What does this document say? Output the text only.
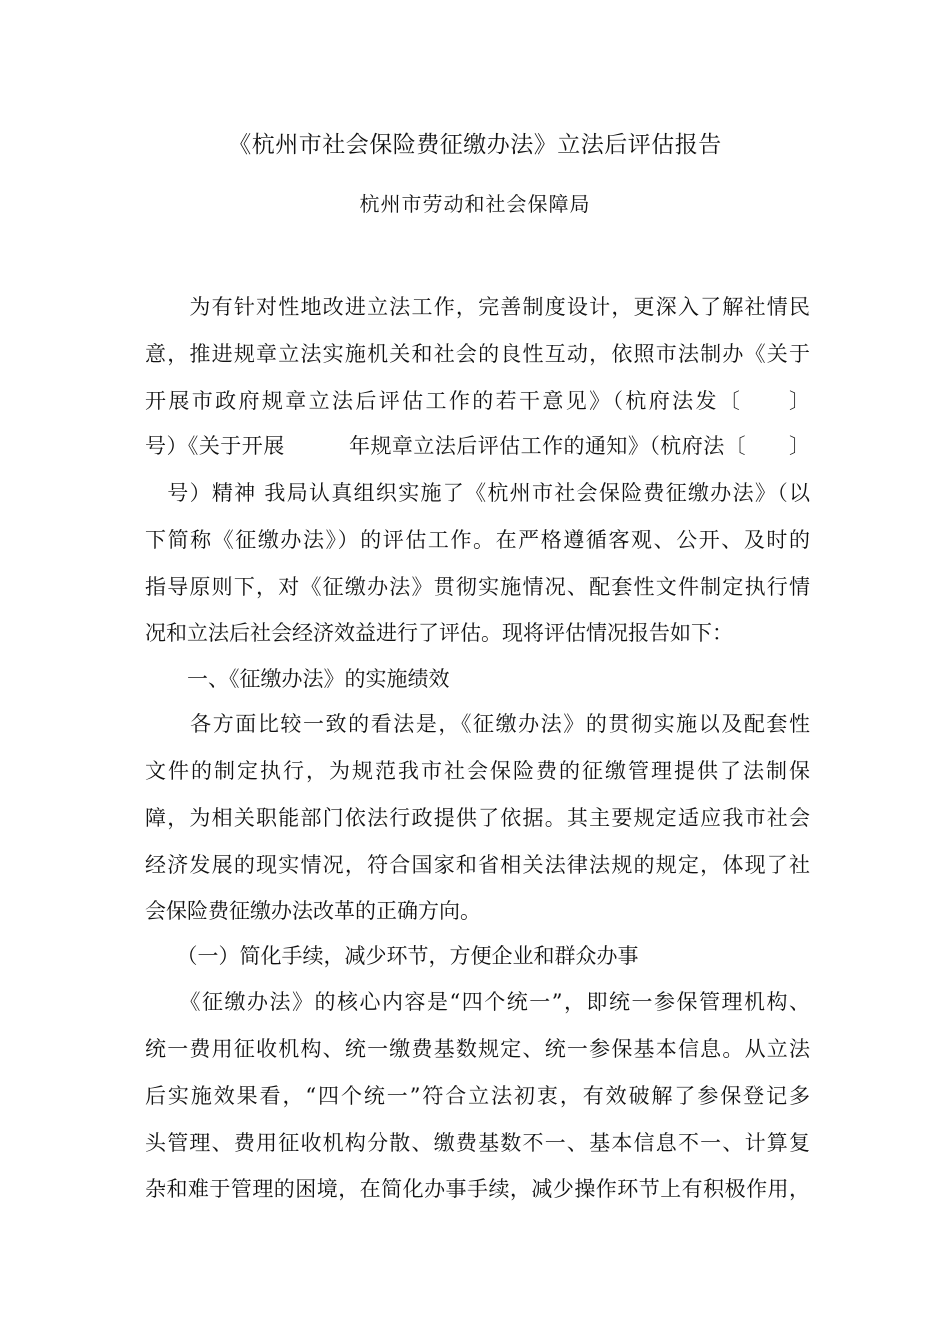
《杭州市社会保险费征缴办法》立法后评估报告
杭州市劳动和社会保障局
　　为有针对性地改进立法工作，完善制度设计，更深入了解社情民
意，推进规章立法实施机关和社会的良性互动，依照市法制办《关于
开展市政府规章立法后评估工作的若干意见》（杭府法发〔　　〕
号）《关于开展　　　年规章立法后评估工作的通知》（杭府法〔　　〕
　号）精神 我局认真组织实施了《杭州市社会保险费征缴办法》（以
下简称《征缴办法》）的评估工作。在严格遵循客观、公开、及时的
指导原则下，对《征缴办法》贯彻实施情况、配套性文件制定执行情
况和立法后社会经济效益进行了评估。现将评估情况报告如下：
　　一、《征缴办法》的实施绩效
　　各方面比较一致的看法是，《征缴办法》的贯彻实施以及配套性
文件的制定执行，为规范我市社会保险费的征缴管理提供了法制保
障，为相关职能部门依法行政提供了依据。其主要规定适应我市社会
经济发展的现实情况，符合国家和省相关法律法规的规定，体现了社
会保险费征缴办法改革的正确方向。
　　（一）简化手续，减少环节，方便企业和群众办事
　　《征缴办法》的核心内容是“四个统一”，即统一参保管理机构、
统一费用征收机构、统一缴费基数规定、统一参保基本信息。从立法
后实施效果看，“四个统一”符合立法初衷，有效破解了参保登记多
头管理、费用征收机构分散、缴费基数不一、基本信息不一、计算复
杂和难于管理的困境，在简化办事手续，减少操作环节上有积极作用，
